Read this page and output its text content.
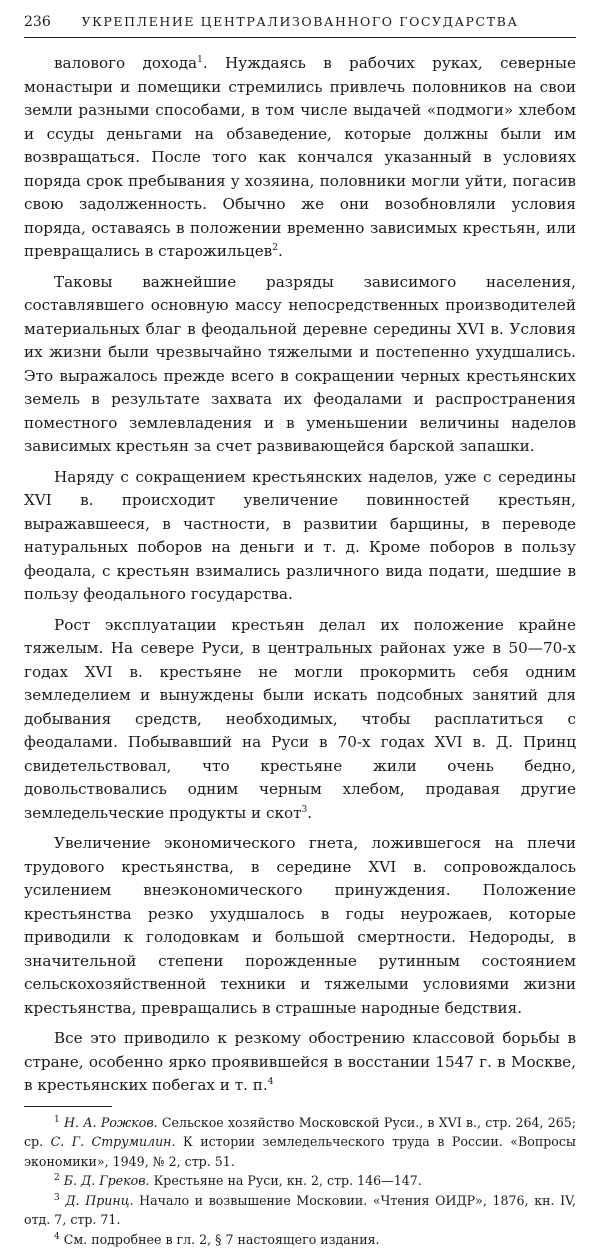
236	УКРЕПЛЕНИЕ ЦЕНТРАЛИЗОВАННОГО ГОСУДАРСТВА

валового дохода$^1$. Нуждаясь в рабочих руках, северные монастыри и помещики стремились привлечь половников на свои земли разными способами, в том числе выдачей «подмоги» хлебом и ссуды деньгами на обзаведение, которые должны были им возвращаться. После того как кончался указанный в условиях поряда срок пребывания у хозяина, половники могли уйти, погасив свою задолженность. Обычно же они возобновляли условия поряда, оставаясь в положении временно зависимых крестьян, или превращались в старожильцев$^2$.

Таковы важнейшие разряды зависимого населения, составлявшего основную массу непосредственных производителей материальных благ в феодальной деревне середины XVI в. Условия их жизни были чрезвычайно тяжелыми и постепенно ухудшались. Это выражалось прежде всего в сокращении черных крестьянских земель в результате захвата их феодалами и распространения поместного землевладения и в уменьшении величины наделов зависимых крестьян за счет развивающейся барской запашки.

Наряду с сокращением крестьянских наделов, уже с середины XVI в. происходит увеличение повинностей крестьян, выражавшееся, в частности, в развитии барщины, в переводе натуральных поборов на деньги и т. д. Кроме поборов в пользу феодала, с крестьян взимались различного вида подати, шедшие в пользу феодального государства.

Рост эксплуатации крестьян делал их положение крайне тяжелым. На севере Руси, в центральных районах уже в 50—70-х годах XVI в. крестьяне не могли прокормить себя одним земледелием и вынуждены были искать подсобных занятий для добывания средств, необходимых, чтобы расплатиться с феодалами. Побывавший на Руси в 70-х годах XVI в. Д. Принц свидетельствовал, что крестьяне жили очень бедно, довольствовались одним черным хлебом, продавая другие земледельческие продукты и скот$^3$.

Увеличение экономического гнета, ложившегося на плечи трудового крестьянства, в середине XVI в. сопровождалось усилением внеэкономического принуждения. Положение крестьянства резко ухудшалось в годы неурожаев, которые приводили к голодовкам и большой смертности. Недороды, в значительной степени порожденные рутинным состоянием сельскохозяйственной техники и тяжелыми условиями жизни крестьянства, превращались в страшные народные бедствия.

Все это приводило к резкому обострению классовой борьбы в стране, особенно ярко проявившейся в восстании 1547 г. в Москве, в крестьянских побегах и т. п.$^4$

$^1$ Н. А. Рожков. Сельское хозяйство Московской Руси., в XVI в., стр. 264, 265; ср. С. Г. Струмилин. К истории земледельческого труда в России. «Вопросы экономики», 1949, № 2, стр. 51.

$^2$ Б. Д. Греков. Крестьяне на Руси, кн. 2, стр. 146—147.

$^3$ Д. Принц. Начало и возвышение Московии. «Чтения ОИДР», 1876, кн. IV, отд. 7, стр. 71.

$^4$ См. подробнее в гл. 2, § 7 настоящего издания.
